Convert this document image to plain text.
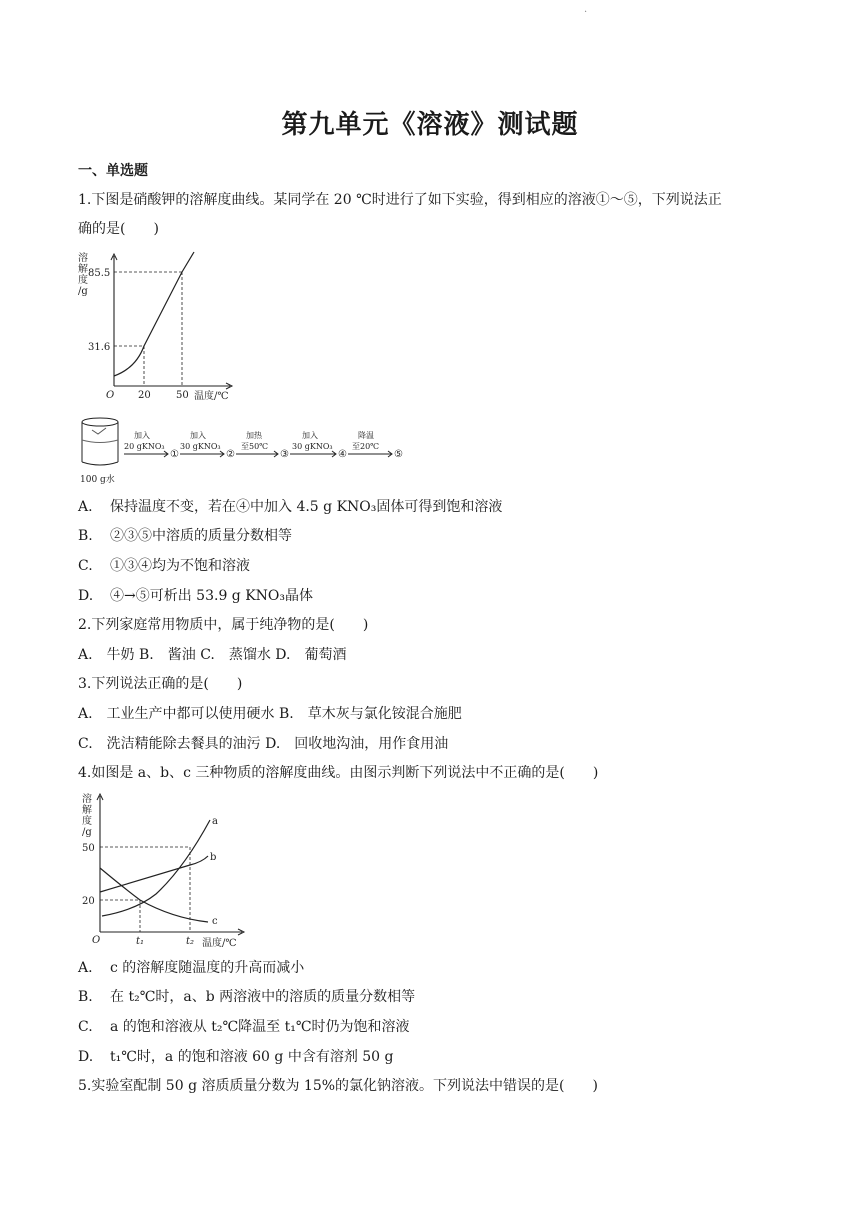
.
第九单元《溶液》测试题
一、单选题
1.下图是硝酸钾的溶解度曲线。某同学在 20 ℃时进行了如下实验，得到相应的溶液①～⑤，下列说法正
确的是(　　)
溶
解
度
/g
85.5
31.6
O 20	50 温度/℃
100 g水
加入
20 gKNO₃
①
加入
30 gKNO₃
②
加热
至50℃
③
加入
30 gKNO₃
④
降温
至20℃
⑤
A. 保持温度不变，若在④中加入 4.5 g KNO₃固体可得到饱和溶液
B. ②③⑤中溶质的质量分数相等
C. ①③④均为不饱和溶液
D. ④→⑤可析出 53.9 g KNO₃晶体
2.下列家庭常用物质中，属于纯净物的是(　　)
A.　牛奶 B.　酱油 C.　蒸馏水 D.　葡萄酒
3.下列说法正确的是(　　)
A.　工业生产中都可以使用硬水 B.　草木灰与氯化铵混合施肥
C.　洗洁精能除去餐具的油污 D.　回收地沟油，用作食用油
4.如图是 a、b、c 三种物质的溶解度曲线。由图示判断下列说法中不正确的是(　　)
溶
解
度
/g
50
20
O	t₁	t₂ 温度/℃
a
b
c
A. c 的溶解度随温度的升高而减小
B. 在 t₂℃时，a、b 两溶液中的溶质的质量分数相等
C. a 的饱和溶液从 t₂℃降温至 t₁℃时仍为饱和溶液
D. t₁℃时，a 的饱和溶液 60 g 中含有溶剂 50 g
5.实验室配制 50 g 溶质质量分数为 15%的氯化钠溶液。下列说法中错误的是(　　)
